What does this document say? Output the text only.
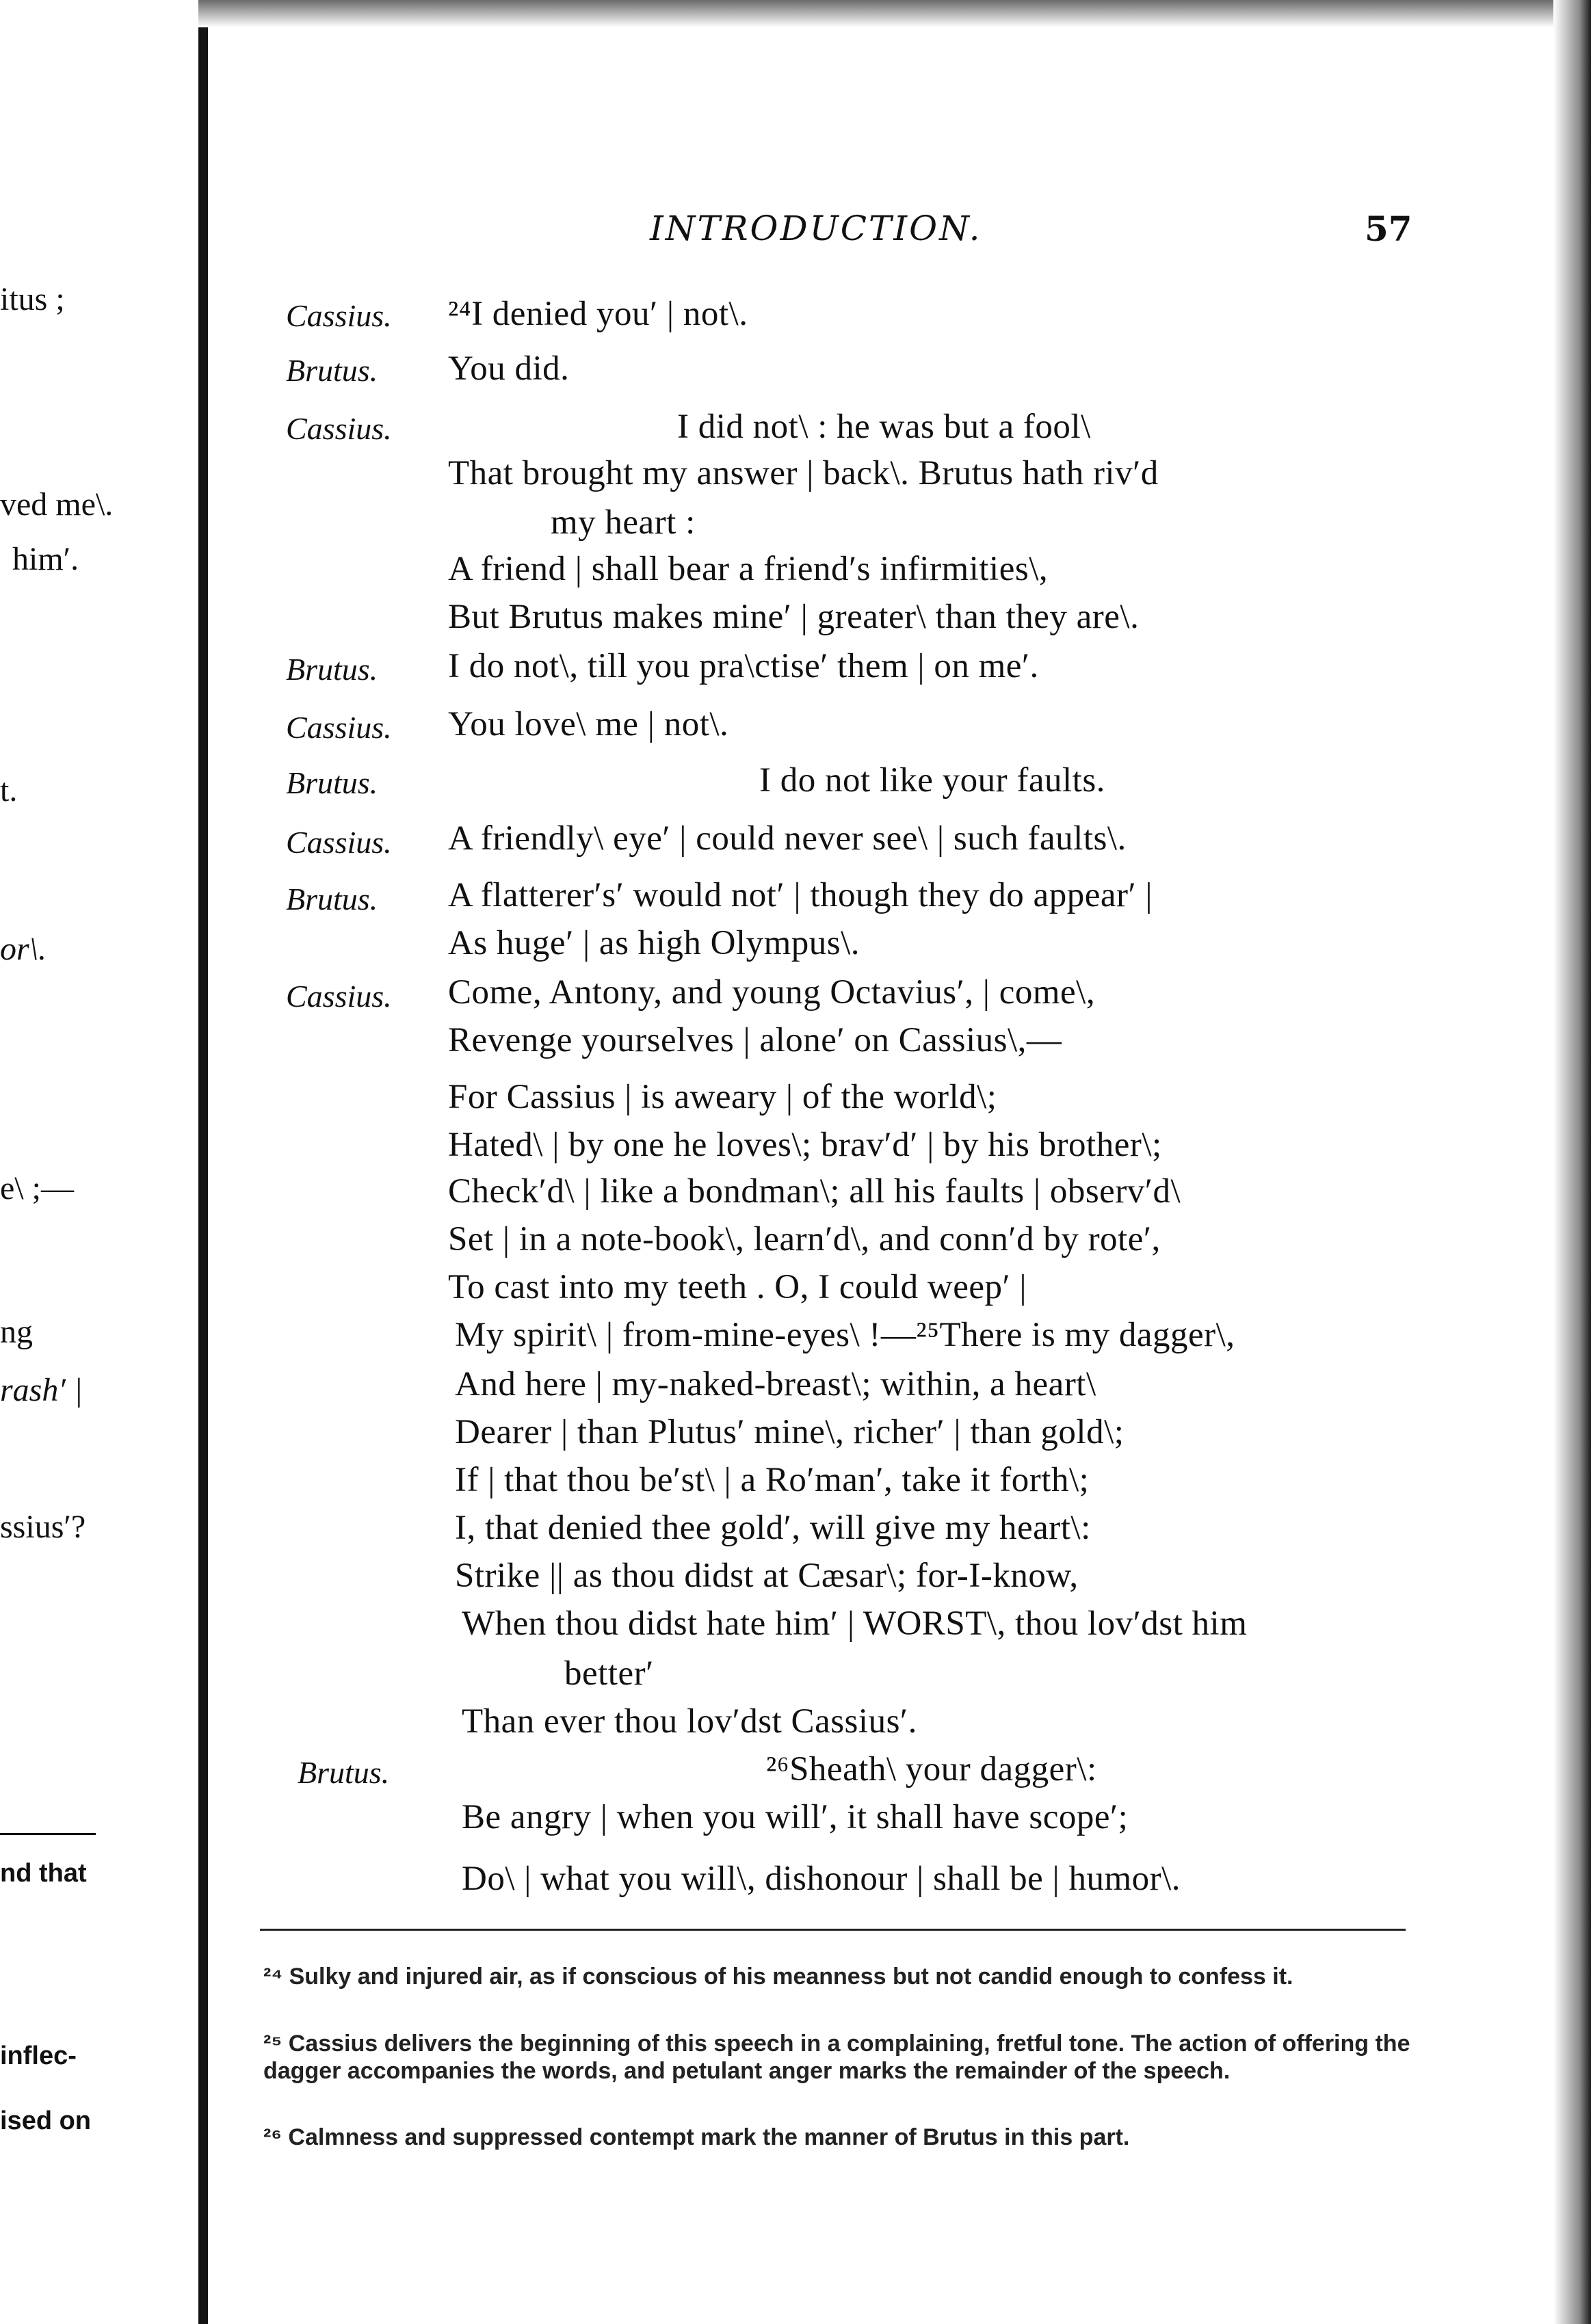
itus ;
ved me\.
him′.
t.
or\.
e\ ;—
ng
rash′ |
ssius′?
nd that
inflec-
ised on
INTRODUCTION.	57
Cassius.
Brutus.
Cassius.
Brutus.
Cassius.
Brutus.
Cassius.
Brutus.
Cassius.
Brutus.
²⁴I denied you′ | not\.
You did.
I did not\ : he was but a fool\
That brought my answer | back\. Brutus hath riv′d
my heart :
A friend | shall bear a friend′s infirmities\,
But Brutus makes mine′ | greater\ than they are\.
I do not\, till you pra\ctise′ them | on me′.
You love\ me | not\.
I do not like your faults.
A friendly\ eye′ | could never see\ | such faults\.
A flatterer′s′ would not′ | though they do appear′ |
As huge′ | as high Olympus\.
Come, Antony, and young Octavius′, | come\,
Revenge yourselves | alone′ on Cassius\,—
For Cassius | is aweary | of the world\;
Hated\ | by one he loves\; brav′d′ | by his brother\;
Check′d\ | like a bondman\; all his faults | observ′d\
Set | in a note-book\, learn′d\, and conn′d by rote′,
To cast into my teeth . O, I could weep′ |
My spirit\ | from-mine-eyes\ !—²⁵There is my dagger\,
And here | my-naked-breast\; within, a heart\
Dearer | than Plutus′ mine\, richer′ | than gold\;
If | that thou be′st\ | a Ro′man′, take it forth\;
I, that denied thee gold′, will give my heart\:
Strike || as thou didst at Cæsar\; for-I-know,
When thou didst hate him′ | WORST\, thou lov′dst him
better′
Than ever thou lov′dst Cassius′.
²⁶Sheath\ your dagger\:
Be angry | when you will′, it shall have scope′;
Do\ | what you will\, dishonour | shall be | humor\.
²⁴ Sulky and injured air, as if conscious of his meanness but not candid enough to confess it.
²⁵ Cassius delivers the beginning of this speech in a complaining, fretful tone. The action of offering the dagger accompanies the words, and petulant anger marks the remainder of the speech.
²⁶ Calmness and suppressed contempt mark the manner of Brutus in this part.
